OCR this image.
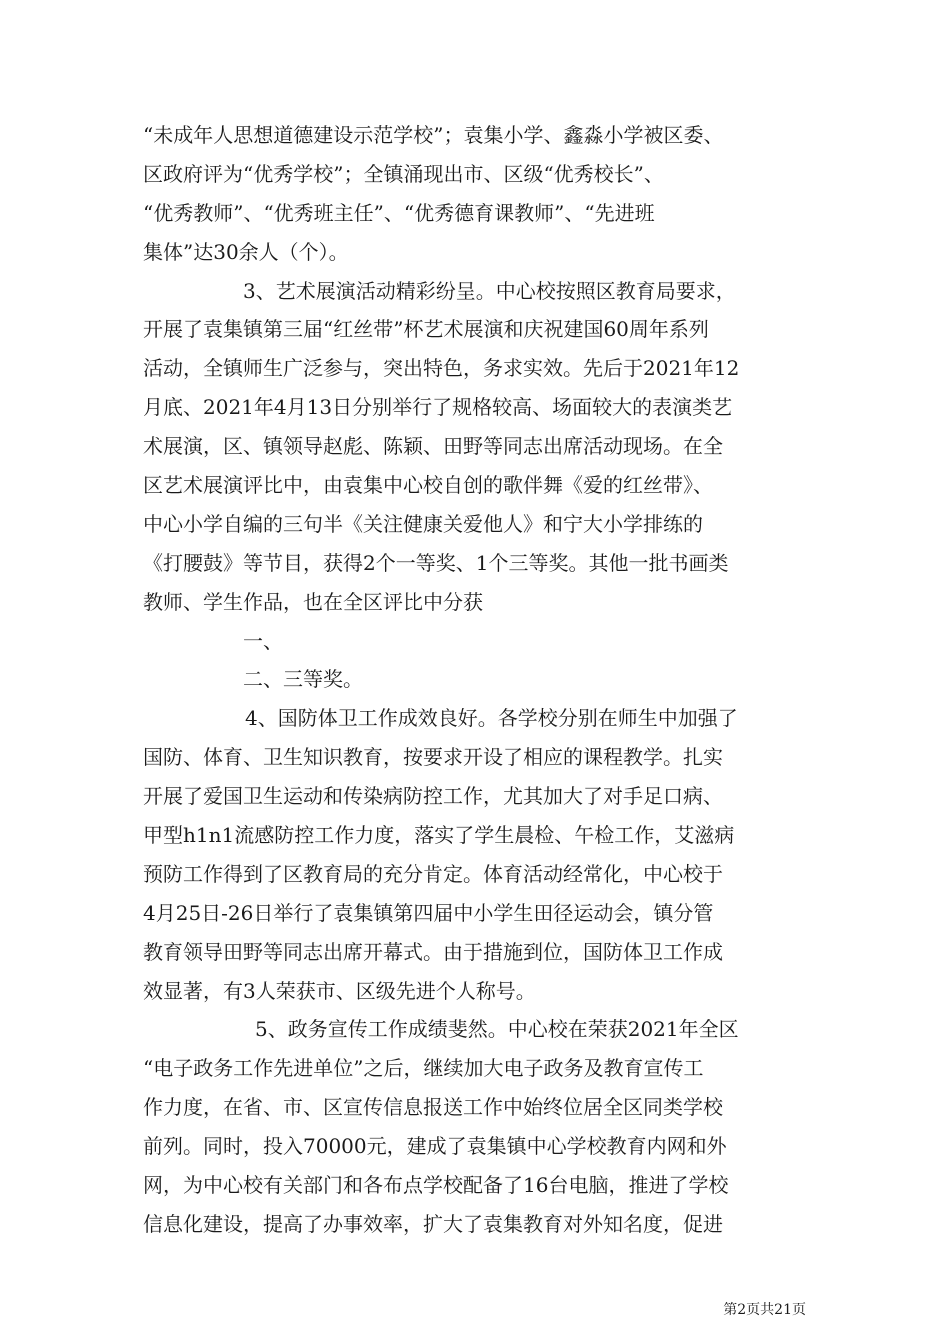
“未成年人思想道德建设示范学校”；袁集小学、鑫淼小学被区委、
区政府评为“优秀学校”；全镇涌现出市、区级“优秀校长”、
“优秀教师”、“优秀班主任”、“优秀德育课教师”、“先进班
集体”达30余人（个）。
3、艺术展演活动精彩纷呈。中心校按照区教育局要求，
开展了袁集镇第三届“红丝带”杯艺术展演和庆祝建国60周年系列
活动，全镇师生广泛参与，突出特色，务求实效。先后于2021年12
月底、2021年4月13日分别举行了规格较高、场面较大的表演类艺
术展演，区、镇领导赵彪、陈颖、田野等同志出席活动现场。在全
区艺术展演评比中，由袁集中心校自创的歌伴舞《爱的红丝带》、
中心小学自编的三句半《关注健康关爱他人》和宁大小学排练的
《打腰鼓》等节目，获得2个一等奖、1个三等奖。其他一批书画类
教师、学生作品，也在全区评比中分获
一、
二、三等奖。
4、国防体卫工作成效良好。各学校分别在师生中加强了
国防、体育、卫生知识教育，按要求开设了相应的课程教学。扎实
开展了爱国卫生运动和传染病防控工作，尤其加大了对手足口病、
甲型h1n1流感防控工作力度，落实了学生晨检、午检工作，艾滋病
预防工作得到了区教育局的充分肯定。体育活动经常化，中心校于
4月25日-26日举行了袁集镇第四届中小学生田径运动会，镇分管
教育领导田野等同志出席开幕式。由于措施到位，国防体卫工作成
效显著，有3人荣获市、区级先进个人称号。
5、政务宣传工作成绩斐然。中心校在荣获2021年全区
“电子政务工作先进单位”之后，继续加大电子政务及教育宣传工
作力度，在省、市、区宣传信息报送工作中始终位居全区同类学校
前列。同时，投入70000元，建成了袁集镇中心学校教育内网和外
网，为中心校有关部门和各布点学校配备了16台电脑，推进了学校
信息化建设，提高了办事效率，扩大了袁集教育对外知名度，促进
第2页共21页
